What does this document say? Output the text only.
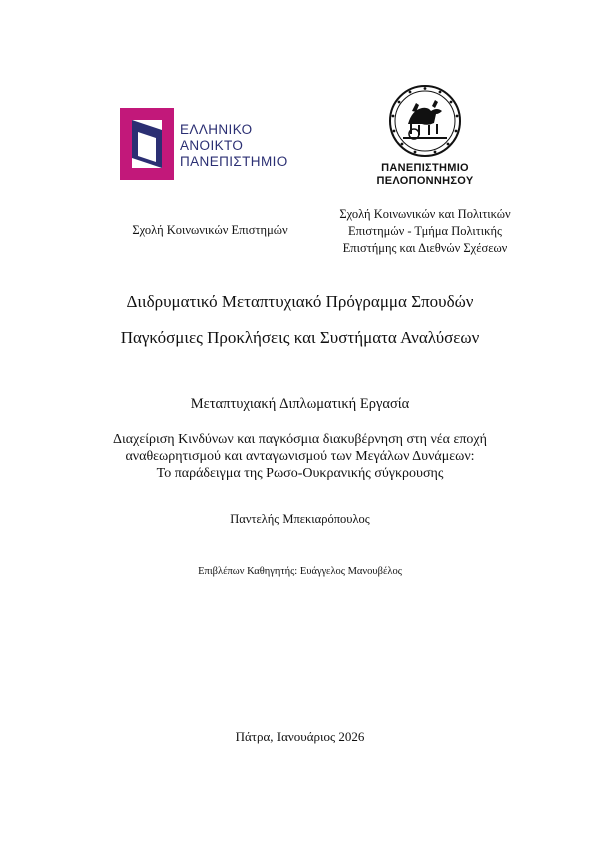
ΕΛΛΗΝΙΚΟ
ΑΝΟΙΚΤΟ
ΠΑΝΕΠΙΣΤΗΜΙΟ	ΠΑΝΕΠΙΣΤΗΜΙΟ
ΠΕΛΟΠΟΝΝΗΣΟΥ
Σχολή Κοινωνικών Επιστημών
Σχολή Κοινωνικών και Πολιτικών
Επιστημών - Τμήμα Πολιτικής
Επιστήμης και Διεθνών Σχέσεων
Διιδρυματικό Μεταπτυχιακό Πρόγραμμα Σπουδών
Παγκόσμιες Προκλήσεις και Συστήματα Αναλύσεων
Μεταπτυχιακή Διπλωματική Εργασία
Διαχείριση Κινδύνων και παγκόσμια διακυβέρνηση στη νέα εποχή
αναθεωρητισμού και ανταγωνισμού των Μεγάλων Δυνάμεων:
Το παράδειγμα της Ρωσο-Ουκρανικής σύγκρουσης
Παντελής Μπεκιαρόπουλος
Επιβλέπων Καθηγητής: Ευάγγελος Μανουβέλος
Πάτρα, Ιανουάριος 2026
